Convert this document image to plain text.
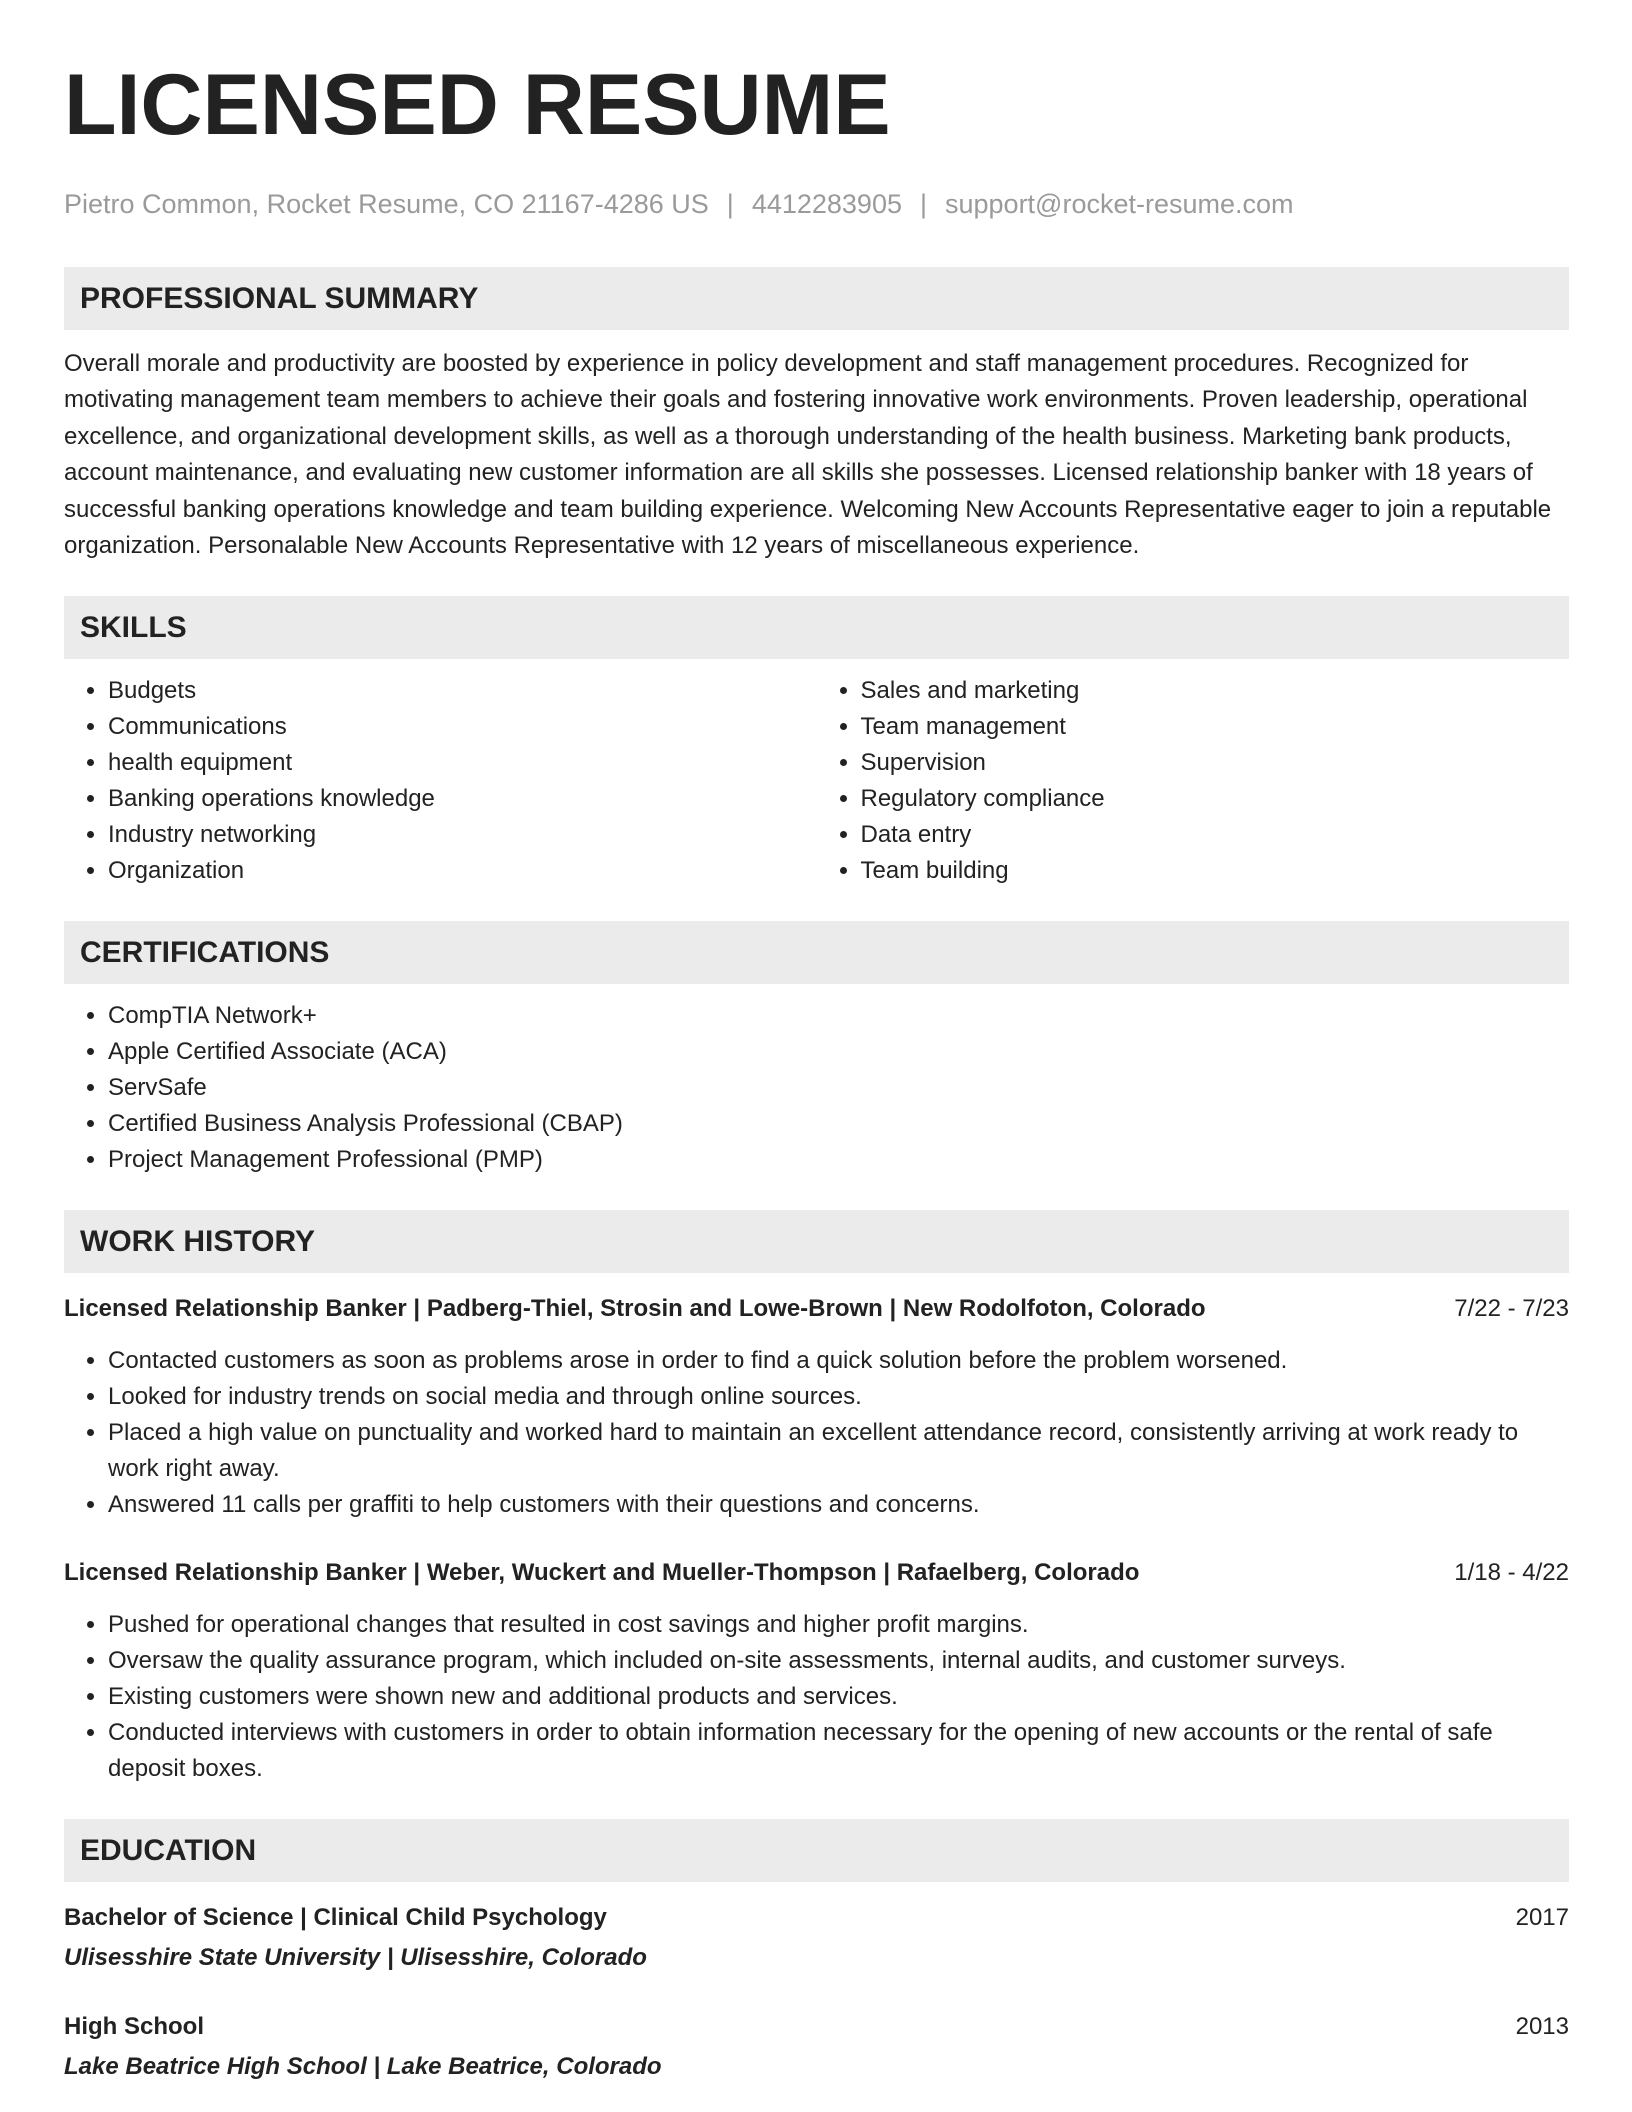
LICENSED RESUME
Pietro Common, Rocket Resume, CO 21167-4286 US | 4412283905 | support@rocket-resume.com
PROFESSIONAL SUMMARY

Overall morale and productivity are boosted by experience in policy development and staff management procedures. Recognized for motivating management team members to achieve their goals and fostering innovative work environments. Proven leadership, operational excellence, and organizational development skills, as well as a thorough understanding of the health business. Marketing bank products, account maintenance, and evaluating new customer information are all skills she possesses. Licensed relationship banker with 18 years of successful banking operations knowledge and team building experience. Welcoming New Accounts Representative eager to join a reputable organization. Personalable New Accounts Representative with 12 years of miscellaneous experience.

SKILLS
• Budgets
• Communications
• health equipment
• Banking operations knowledge
• Industry networking
• Organization
• Sales and marketing
• Team management
• Supervision
• Regulatory compliance
• Data entry
• Team building
CERTIFICATIONS
• CompTIA Network+
• Apple Certified Associate (ACA)
• ServSafe
• Certified Business Analysis Professional (CBAP)
• Project Management Professional (PMP)
WORK HISTORY
Licensed Relationship Banker | Padberg-Thiel, Strosin and Lowe-Brown | New Rodolfoton, Colorado	7/22 - 7/23
• Contacted customers as soon as problems arose in order to find a quick solution before the problem worsened.
• Looked for industry trends on social media and through online sources.
• Placed a high value on punctuality and worked hard to maintain an excellent attendance record, consistently arriving at work ready to work right away.
• Answered 11 calls per graffiti to help customers with their questions and concerns.
Licensed Relationship Banker | Weber, Wuckert and Mueller-Thompson | Rafaelberg, Colorado	1/18 - 4/22
• Pushed for operational changes that resulted in cost savings and higher profit margins.
• Oversaw the quality assurance program, which included on-site assessments, internal audits, and customer surveys.
• Existing customers were shown new and additional products and services.
• Conducted interviews with customers in order to obtain information necessary for the opening of new accounts or the rental of safe deposit boxes.
EDUCATION
Bachelor of Science | Clinical Child Psychology	2017
Ulisesshire State University | Ulisesshire, Colorado
High School	2013
Lake Beatrice High School | Lake Beatrice, Colorado
